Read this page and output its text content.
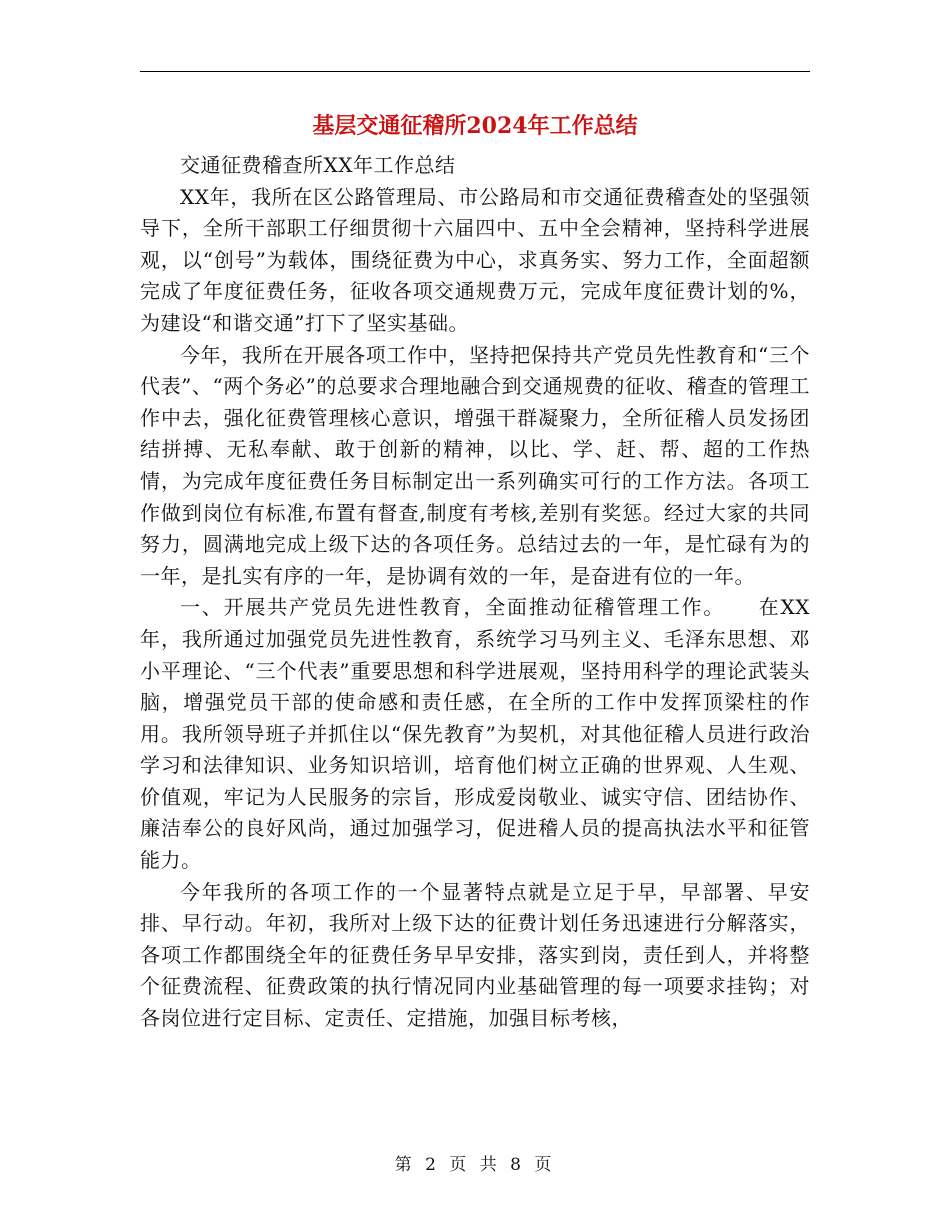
基层交通征稽所2024年工作总结

交通征费稽查所XX年工作总结

XX年，我所在区公路管理局、市公路局和市交通征费稽查处的坚强领导下，全所干部职工仔细贯彻十六届四中、五中全会精神，坚持科学进展观，以“创号”为载体，围绕征费为中心，求真务实、努力工作，全面超额完成了年度征费任务，征收各项交通规费万元，完成年度征费计划的%，为建设“和谐交通”打下了坚实基础。

今年，我所在开展各项工作中，坚持把保持共产党员先性教育和“三个代表”、“两个务必”的总要求合理地融合到交通规费的征收、稽查的管理工作中去，强化征费管理核心意识，增强干群凝聚力，全所征稽人员发扬团结拼搏、无私奉献、敢于创新的精神，以比、学、赶、帮、超的工作热情，为完成年度征费任务目标制定出一系列确实可行的工作方法。各项工作做到岗位有标准,布置有督查,制度有考核,差别有奖惩。经过大家的共同努力，圆满地完成上级下达的各项任务。总结过去的一年，是忙碌有为的一年，是扎实有序的一年，是协调有效的一年，是奋进有位的一年。

一、开展共产党员先进性教育，全面推动征稽管理工作。　　在XX年，我所通过加强党员先进性教育，系统学习马列主义、毛泽东思想、邓小平理论、“三个代表”重要思想和科学进展观，坚持用科学的理论武装头脑，增强党员干部的使命感和责任感，在全所的工作中发挥顶梁柱的作用。我所领导班子并抓住以“保先教育”为契机，对其他征稽人员进行政治学习和法律知识、业务知识培训，培育他们树立正确的世界观、人生观、价值观，牢记为人民服务的宗旨，形成爱岗敬业、诚实守信、团结协作、廉洁奉公的良好风尚，通过加强学习，促进稽人员的提高执法水平和征管能力。

今年我所的各项工作的一个显著特点就是立足于早，早部署、早安排、早行动。年初，我所对上级下达的征费计划任务迅速进行分解落实，各项工作都围绕全年的征费任务早早安排，落实到岗，责任到人，并将整个征费流程、征费政策的执行情况同内业基础管理的每一项要求挂钩；对各岗位进行定目标、定责任、定措施，加强目标考核，

第 2 页 共 8 页
